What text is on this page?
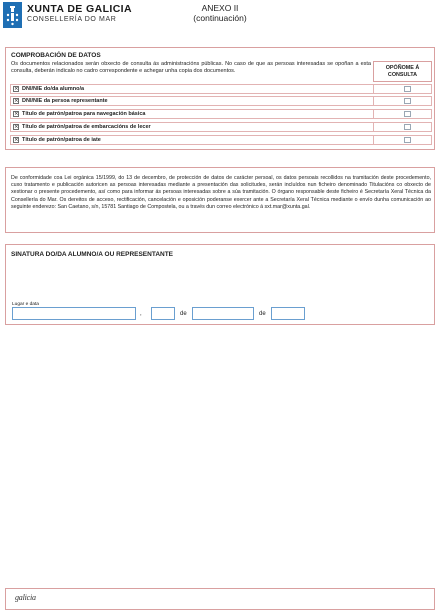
XUNTA DE GALICIA
CONSELLERÍA DO MAR
ANEXO II
(continuación)
COMPROBACIÓN DE DATOS
Os documentos relacionados serán obxecto de consulta ás administracións públicas. No caso de que as persoas interesadas se opoñan a esta consulta, deberán indicalo no cadro correspondente e achegar unha copia dos documentos.
OPÓÑOME Á CONSULTA
× DNI/NIE do/da alumno/a
× DNI/NIE da persoa representante
× Título de patrón/patroa para navegación básica
× Título de patrón/patroa de embarcacións de lecer
× Título de patrón/patroa de iate
De conformidade coa Lei orgánica 15/1999, do 13 de decembro, de protección de datos de carácter persoal, os datos persoais recollidos na tramitación deste procedemento, cuxo tratamento e publicación autoricen as persoas interesadas mediante a presentación das solicitudes, serán incluídos nun ficheiro denominado Titulacións co obxecto de xestionar o presente procedemento, así como para informar ás persoas interesadas sobre a súa tramitación. O órgano responsable deste ficheiro é Secretaría Xeral Técnica da Consellería do Mar. Os dereitos de acceso, rectificación, cancelación e oposición poderanse exercer ante a Secretaría Xeral Técnica mediante o envío dunha comunicación ao seguinte enderezo: San Caetano, s/n, 15781 Santiago de Compostela, ou a través dun correo electrónico á sxt.mar@xunta.gal.
SINATURA DO/DA ALUMNO/A OU REPRESENTANTE
Lugar e data
,	de	de
galicia
